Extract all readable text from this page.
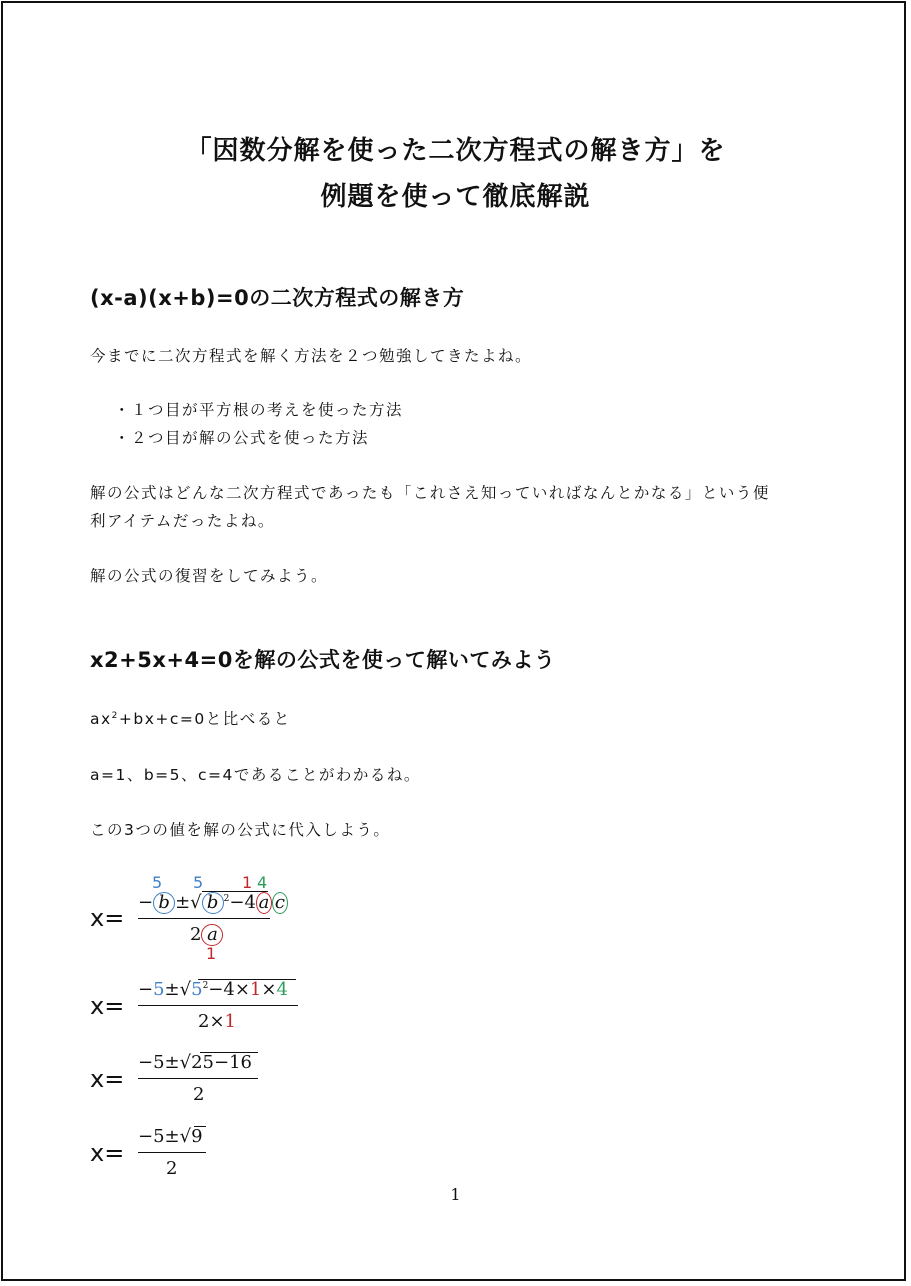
「因数分解を使った二次方程式の解き方」を
例題を使って徹底解説
(x-a)(x+b)=0の二次方程式の解き方
今までに二次方程式を解く方法を２つ勉強してきたよね。
・１つ目が平方根の考えを使った方法
・２つ目が解の公式を使った方法
解の公式はどんな二次方程式であったも「これさえ知っていればなんとかなる」という便
利アイテムだったよね。
解の公式の復習をしてみよう。
x2+5x+4=0を解の公式を使って解いてみよう
$ax^2+bx+c=0$と比べると
a=1、b=5、c=4であることがわかるね。
この3つの値を解の公式に代入しよう。
x=
5 5 1 4
− b ±√ b $^2$−4 a c
2 a
1
x=
$-5\pm√5^2-4\times 1\times 4$
2×1
x=
−5±√25−16
2
x=
−5±√9
2
1
